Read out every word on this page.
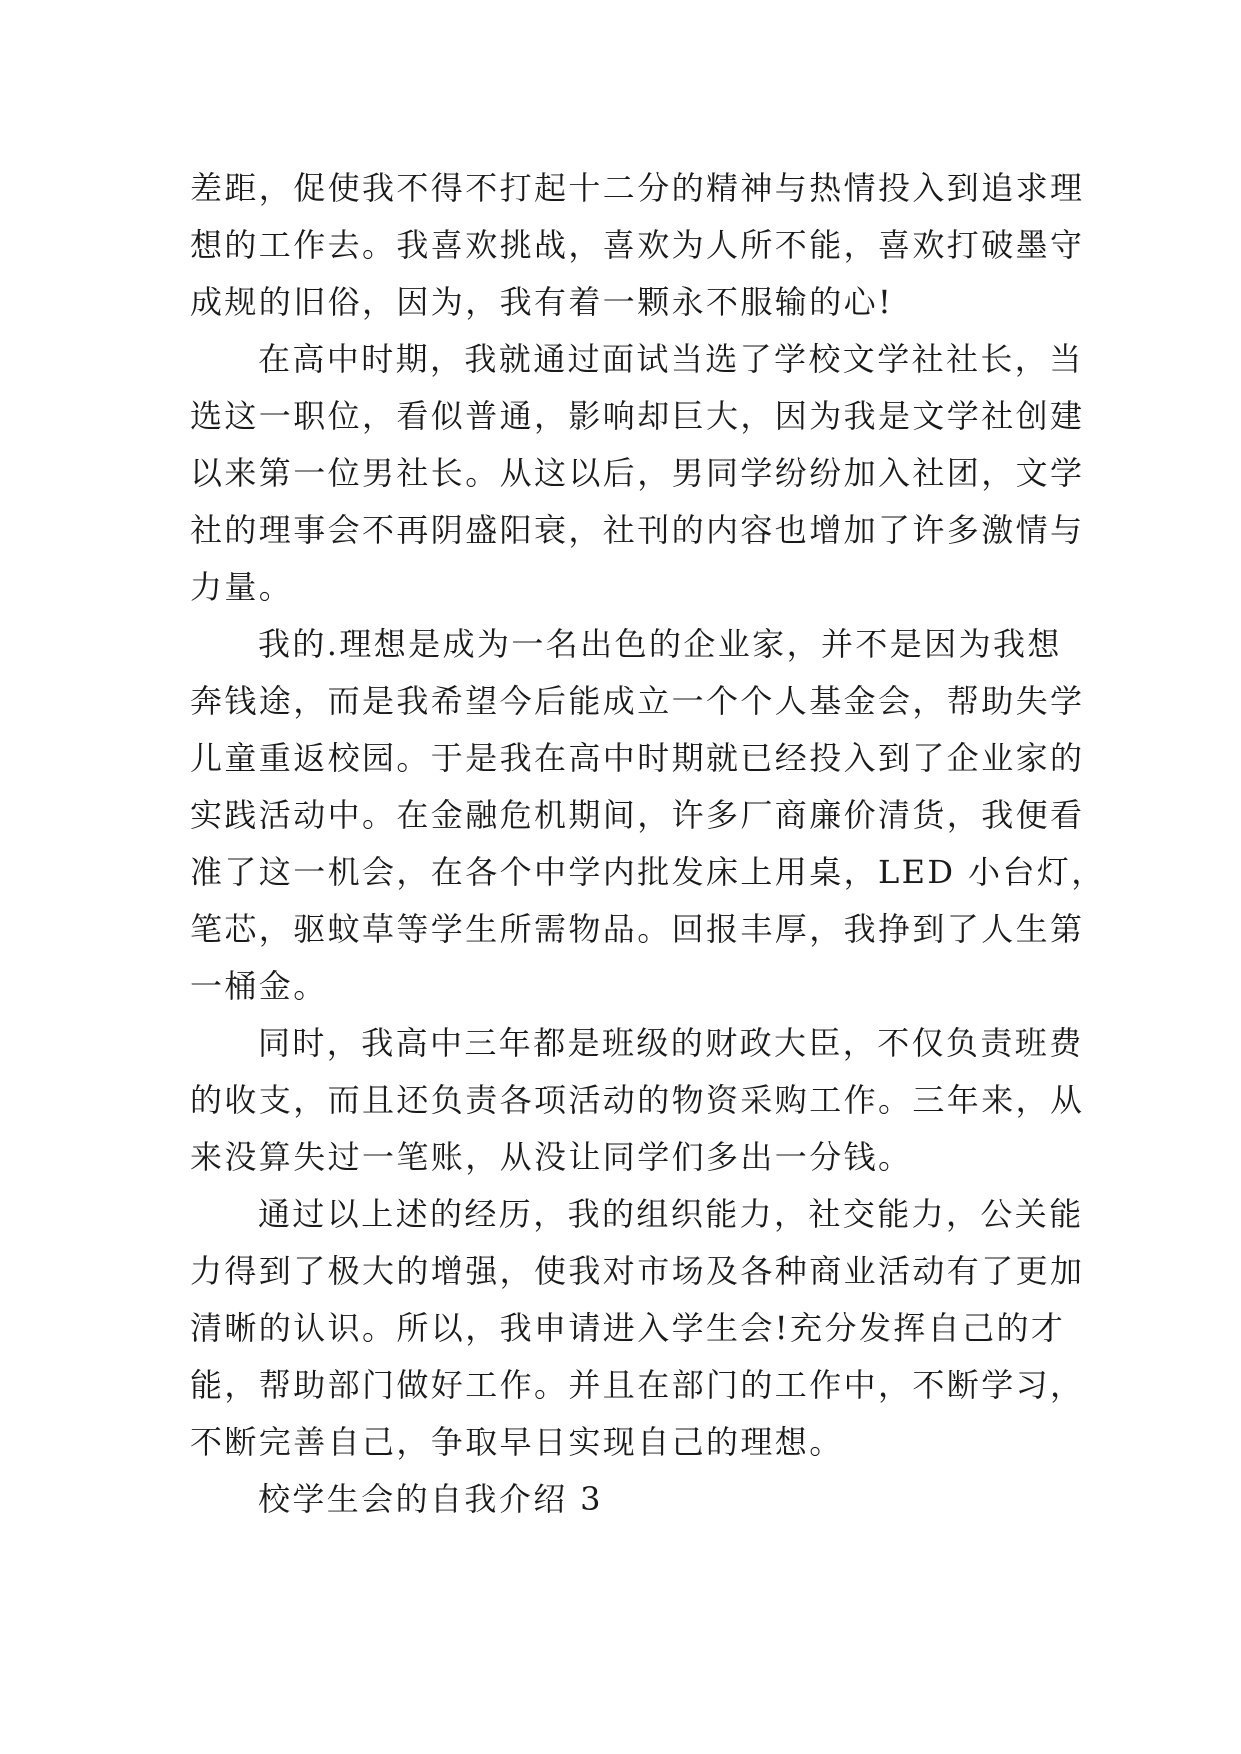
差距，促使我不得不打起十二分的精神与热情投入到追求理
想的工作去。我喜欢挑战，喜欢为人所不能，喜欢打破墨守
成规的旧俗，因为，我有着一颗永不服输的心!
在高中时期，我就通过面试当选了学校文学社社长，当
选这一职位，看似普通，影响却巨大，因为我是文学社创建
以来第一位男社长。从这以后，男同学纷纷加入社团，文学
社的理事会不再阴盛阳衰，社刊的内容也增加了许多激情与
力量。
我的.理想是成为一名出色的企业家，并不是因为我想
奔钱途，而是我希望今后能成立一个个人基金会，帮助失学
儿童重返校园。于是我在高中时期就已经投入到了企业家的
实践活动中。在金融危机期间，许多厂商廉价清货，我便看
准了这一机会，在各个中学内批发床上用桌，LED 小台灯，
笔芯，驱蚊草等学生所需物品。回报丰厚，我挣到了人生第
一桶金。
同时，我高中三年都是班级的财政大臣，不仅负责班费
的收支，而且还负责各项活动的物资采购工作。三年来，从
来没算失过一笔账，从没让同学们多出一分钱。
通过以上述的经历，我的组织能力，社交能力，公关能
力得到了极大的增强，使我对市场及各种商业活动有了更加
清晰的认识。所以，我申请进入学生会!充分发挥自己的才
能，帮助部门做好工作。并且在部门的工作中，不断学习，
不断完善自己，争取早日实现自己的理想。
校学生会的自我介绍 3
